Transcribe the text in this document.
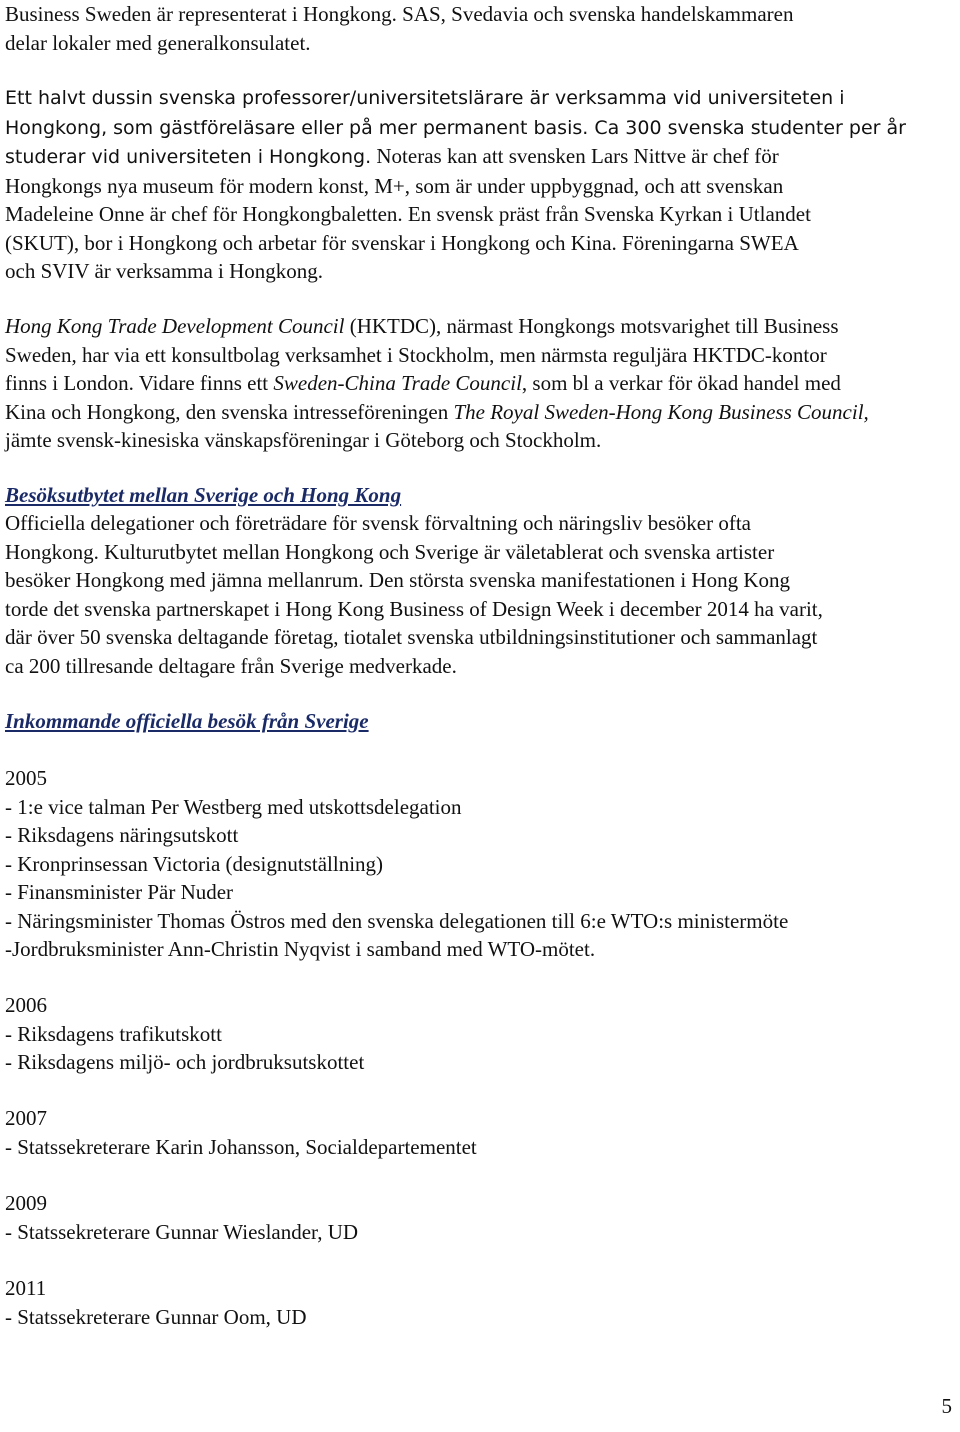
Business Sweden är representerat i Hongkong. SAS, Svedavia och svenska handelskammaren
delar lokaler med generalkonsulatet.
Ett halvt dussin svenska professorer/universitetslärare är verksamma vid universiteten i
Hongkong, som gästföreläsare eller på mer permanent basis. Ca 300 svenska studenter per år
studerar vid universiteten i Hongkong. Noteras kan att svensken Lars Nittve är chef för
Hongkongs nya museum för modern konst, M+, som är under uppbyggnad, och att svenskan
Madeleine Onne är chef för Hongkongbaletten. En svensk präst från Svenska Kyrkan i Utlandet
(SKUT), bor i Hongkong och arbetar för svenskar i Hongkong och Kina. Föreningarna SWEA
och SVIV är verksamma i Hongkong.
Hong Kong Trade Development Council (HKTDC), närmast Hongkongs motsvarighet till Business
Sweden, har via ett konsultbolag verksamhet i Stockholm, men närmsta reguljära HKTDC-kontor
finns i London. Vidare finns ett Sweden-China Trade Council, som bl a verkar för ökad handel med
Kina och Hongkong, den svenska intresseföreningen The Royal Sweden-Hong Kong Business Council,
jämte svensk-kinesiska vänskapsföreningar i Göteborg och Stockholm.
Besöksutbytet mellan Sverige och Hong Kong
Officiella delegationer och företrädare för svensk förvaltning och näringsliv besöker ofta
Hongkong. Kulturutbytet mellan Hongkong och Sverige är väletablerat och svenska artister
besöker Hongkong med jämna mellanrum. Den största svenska manifestationen i Hong Kong
torde det svenska partnerskapet i Hong Kong Business of Design Week i december 2014 ha varit,
där över 50 svenska deltagande företag, tiotalet svenska utbildningsinstitutioner och sammanlagt
ca 200 tillresande deltagare från Sverige medverkade.
Inkommande officiella besök från Sverige
2005
- 1:e vice talman Per Westberg med utskottsdelegation
- Riksdagens näringsutskott
- Kronprinsessan Victoria (designutställning)
- Finansminister Pär Nuder
- Näringsminister Thomas Östros med den svenska delegationen till 6:e WTO:s ministermöte
-Jordbruksminister Ann-Christin Nyqvist i samband med WTO-mötet.
2006
- Riksdagens trafikutskott
- Riksdagens miljö- och jordbruksutskottet
2007
- Statssekreterare Karin Johansson, Socialdepartementet
2009
- Statssekreterare Gunnar Wieslander, UD
2011
- Statssekreterare Gunnar Oom, UD
5
